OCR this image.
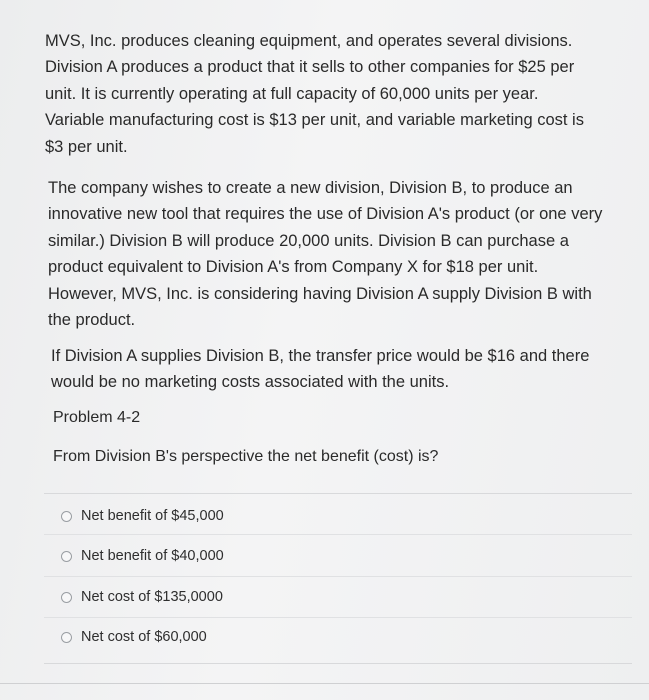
MVS, Inc. produces cleaning equipment, and operates several divisions.
Division A produces a product that it sells to other companies for $25 per
unit. It is currently operating at full capacity of 60,000 units per year.
Variable manufacturing cost is $13 per unit, and variable marketing cost is
$3 per unit.
The company wishes to create a new division, Division B, to produce an
innovative new tool that requires the use of Division A's product (or one very
similar.) Division B will produce 20,000 units. Division B can purchase a
product equivalent to Division A's from Company X for $18 per unit.
However, MVS, Inc. is considering having Division A supply Division B with
the product.
If Division A supplies Division B, the transfer price would be $16 and there
would be no marketing costs associated with the units.
Problem 4-2
From Division B's perspective the net benefit (cost) is?
Net benefit of $45,000
Net benefit of $40,000
Net cost of $135,0000
Net cost of $60,000
